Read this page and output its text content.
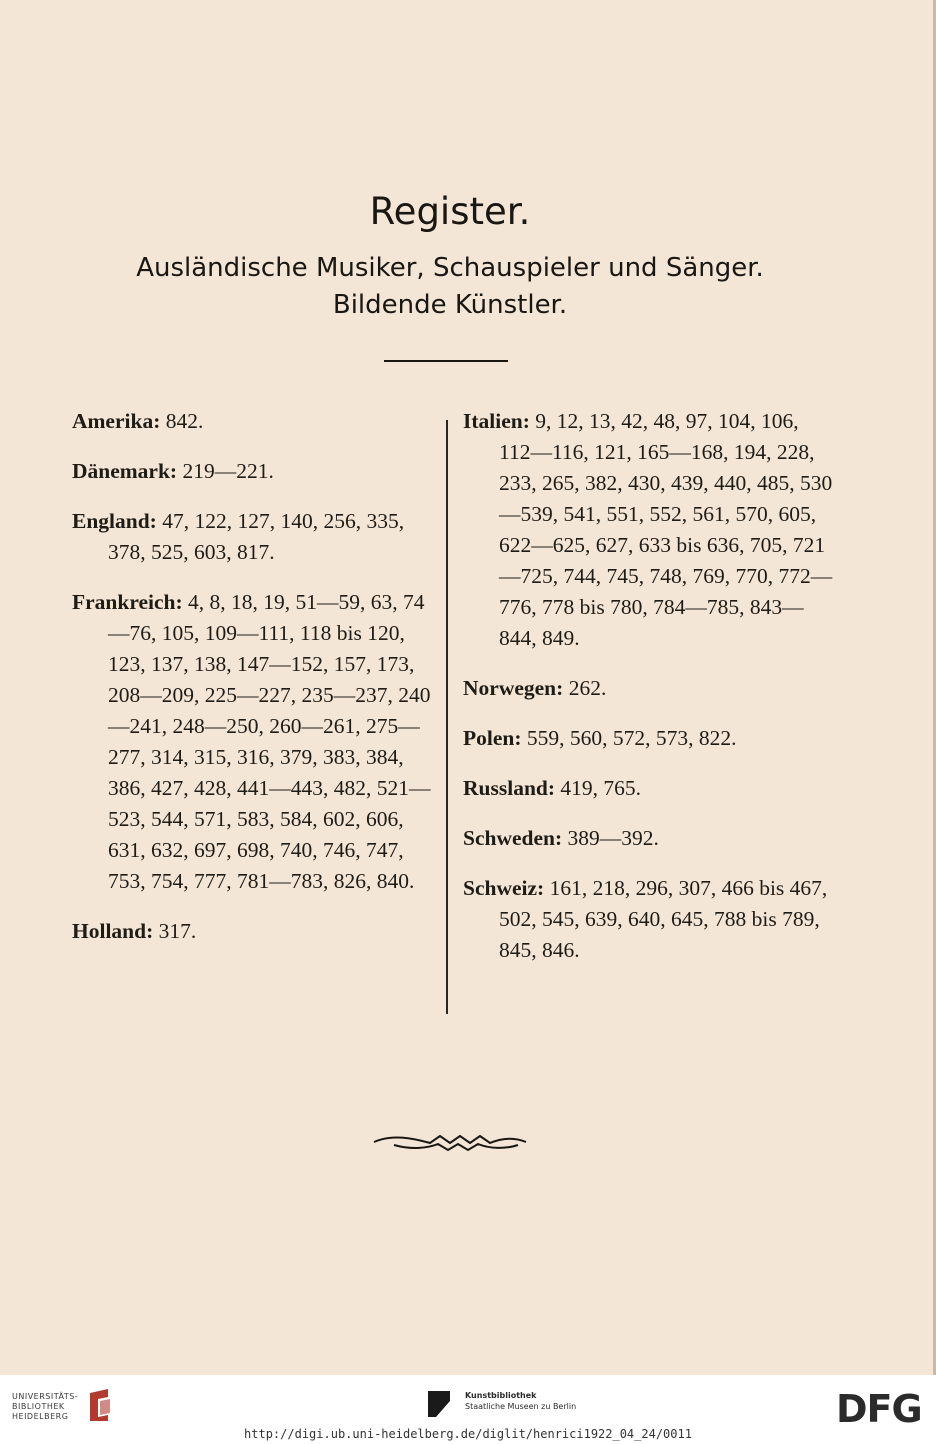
Register.
Ausländische Musiker, Schauspieler und Sänger.
Bildende Künstler.
Amerika: 842.
Dänemark: 219—221.
England: 47, 122, 127, 140, 256, 335, 378, 525, 603, 817.
Frankreich: 4, 8, 18, 19, 51—59, 63, 74—76, 105, 109—111, 118 bis 120, 123, 137, 138, 147—152, 157, 173, 208—209, 225—227, 235—237, 240—241, 248—250, 260—261, 275—277, 314, 315, 316, 379, 383, 384, 386, 427, 428, 441—443, 482, 521—523, 544, 571, 583, 584, 602, 606, 631, 632, 697, 698, 740, 746, 747, 753, 754, 777, 781—783, 826, 840.
Holland: 317.
Italien: 9, 12, 13, 42, 48, 97, 104, 106, 112—116, 121, 165—168, 194, 228, 233, 265, 382, 430, 439, 440, 485, 530—539, 541, 551, 552, 561, 570, 605, 622—625, 627, 633 bis 636, 705, 721—725, 744, 745, 748, 769, 770, 772—776, 778 bis 780, 784—785, 843—844, 849.
Norwegen: 262.
Polen: 559, 560, 572, 573, 822.
Russland: 419, 765.
Schweden: 389—392.
Schweiz: 161, 218, 296, 307, 466 bis 467, 502, 545, 639, 640, 645, 788 bis 789, 845, 846.
UNIVERSITÄTS-
BIBLIOTHEK
HEIDELBERG
Kunstbibliothek
Staatliche Museen zu Berlin	DFG
http://digi.ub.uni-heidelberg.de/diglit/henrici1922_04_24/0011
